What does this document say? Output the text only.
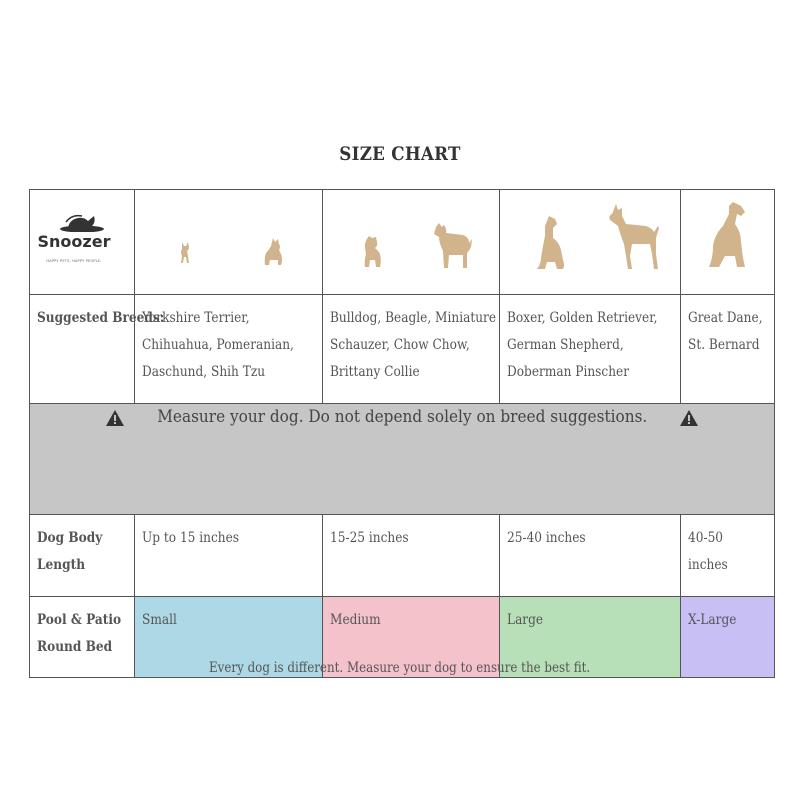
SIZE CHART
Snoozer
HAPPY PETS. HAPPY PEOPLE.

Suggested Breeds:	Yorkshire Terrier,
Chihuahua, Pomeranian,
Daschund, Shih Tzu	Bulldog, Beagle, Miniature
Schauzer, Chow Chow,
Brittany Collie	Boxer, Golden Retriever,
German Shepherd,
Doberman Pinscher	Great Dane,
St. Bernard

Measure your dog. Do not depend solely on breed suggestions.				

Dog Body
Length	Up to 15 inches	15-25 inches	25-40 inches	40-50
inches

Pool & Patio
Round Bed	Small	Medium	Large	X-Large
Every dog is different. Measure your dog to ensure the best fit.
